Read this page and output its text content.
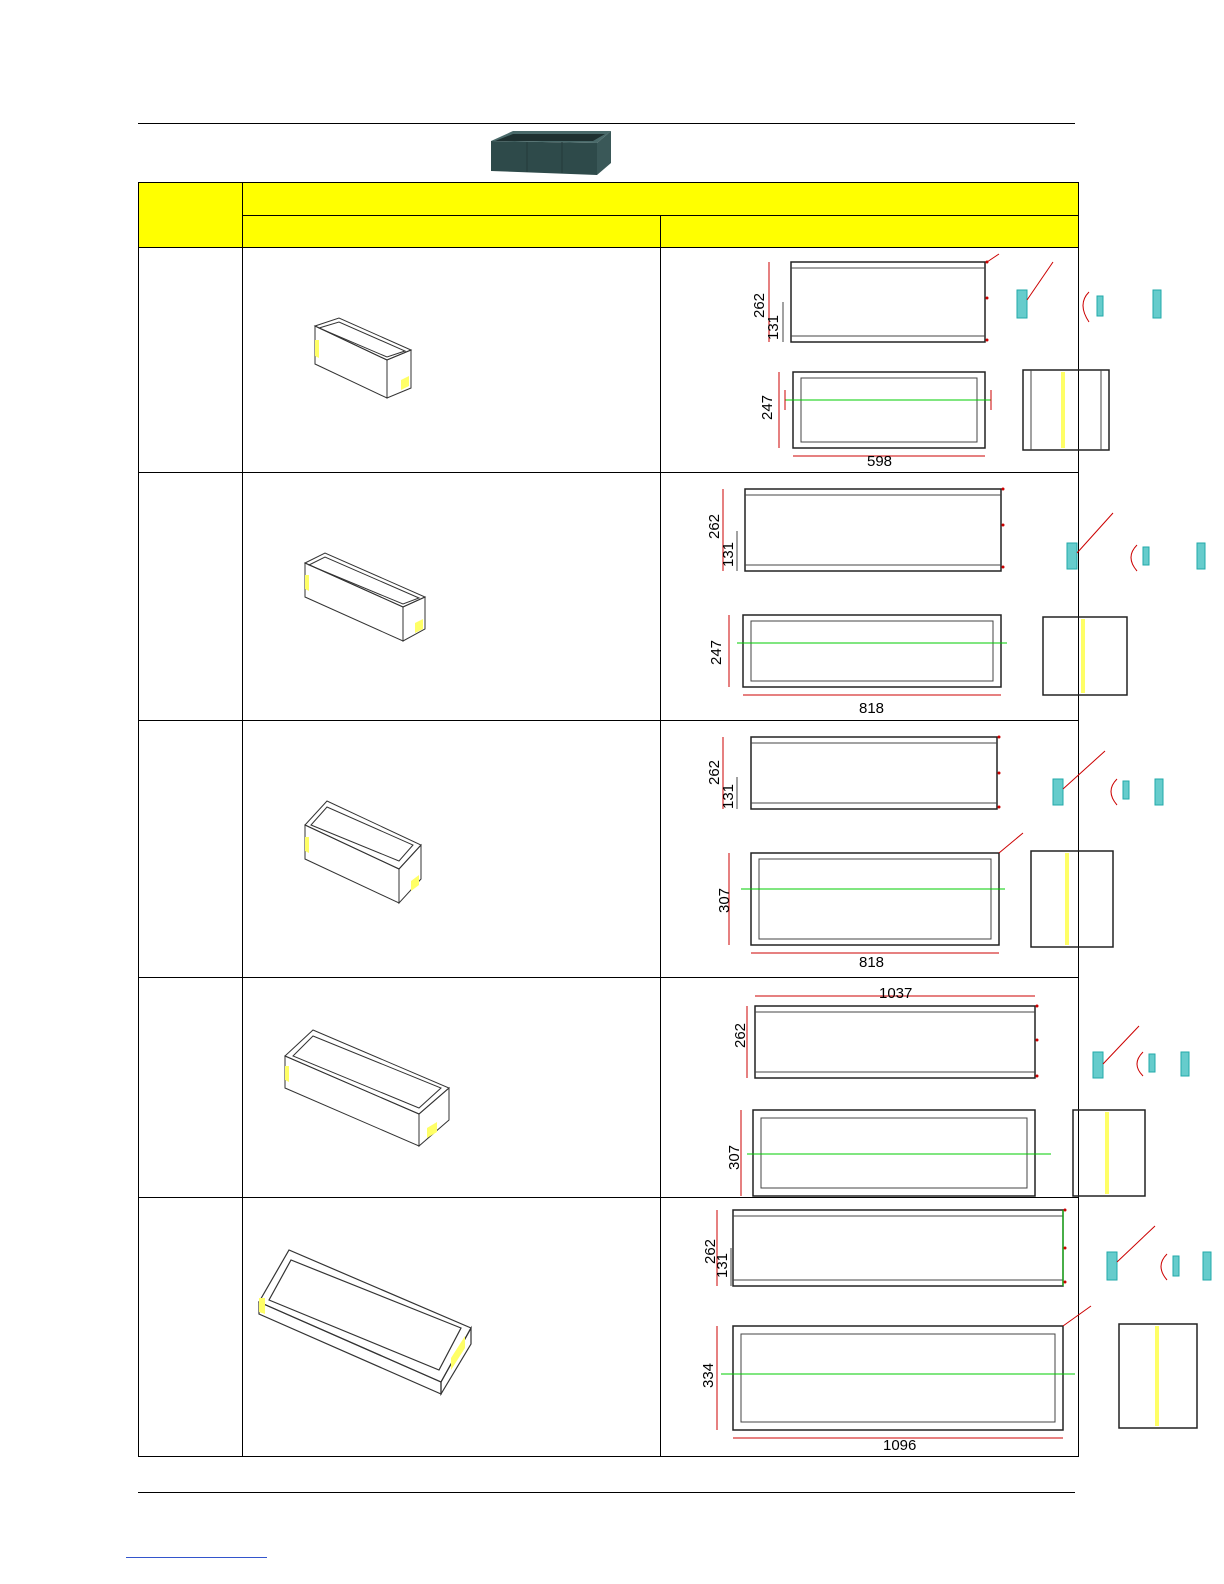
262
131
247
598

262
131
247
818

262
131
307
818

1037
262
307

262
131
334
1096
